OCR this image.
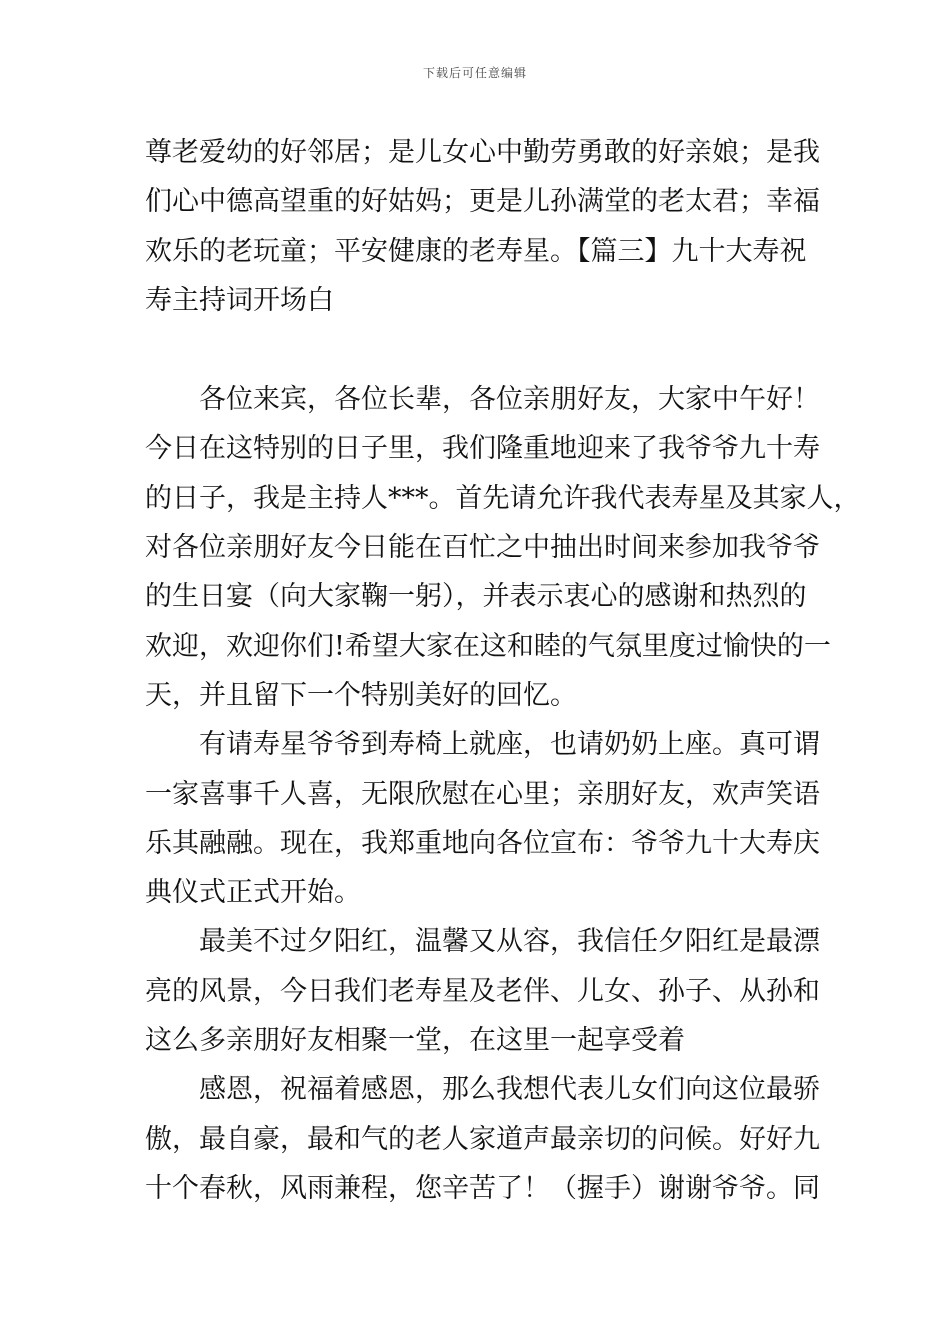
下载后可任意编辑
尊老爱幼的好邻居；是儿女心中勤劳勇敢的好亲娘；是我
们心中德高望重的好姑妈；更是儿孙满堂的老太君；幸福
欢乐的老玩童；平安健康的老寿星。【篇三】九十大寿祝
寿主持词开场白
各位来宾，各位长辈，各位亲朋好友，大家中午好！
今日在这特别的日子里，我们隆重地迎来了我爷爷九十寿
的日子，我是主持人***。首先请允许我代表寿星及其家人，
对各位亲朋好友今日能在百忙之中抽出时间来参加我爷爷
的生日宴（向大家鞠一躬），并表示衷心的感谢和热烈的
欢迎，欢迎你们!希望大家在这和睦的气氛里度过愉快的一
天，并且留下一个特别美好的回忆。
有请寿星爷爷到寿椅上就座，也请奶奶上座。真可谓
一家喜事千人喜，无限欣慰在心里；亲朋好友，欢声笑语
乐其融融。现在，我郑重地向各位宣布：爷爷九十大寿庆
典仪式正式开始。
最美不过夕阳红，温馨又从容，我信任夕阳红是最漂
亮的风景，今日我们老寿星及老伴、儿女、孙子、从孙和
这么多亲朋好友相聚一堂，在这里一起享受着
感恩，祝福着感恩，那么我想代表儿女们向这位最骄
傲，最自豪，最和气的老人家道声最亲切的问候。好好九
十个春秋，风雨兼程，您辛苦了！（握手）谢谢爷爷。同
